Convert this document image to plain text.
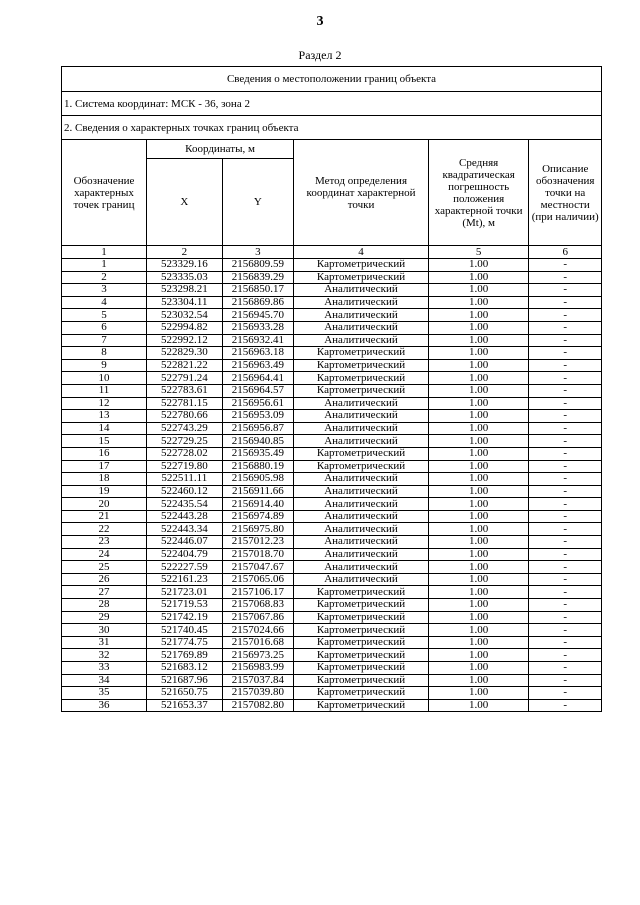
3
Раздел 2
Сведения о местоположении границ объекта					
1. Система координат: МСК - 36, зона 2					
2. Сведения о характерных точках границ объекта					
Обозначение характерных точек границ	Координаты, м		Метод определения координат характерной точки	Средняя квадратическая погрешность положения характерной точки (Mt), м	Описание обозначения точки на местности (при наличии)
	X	Y			
1	2	3	4	5	6
1	523329.16	2156809.59	Картометрический	1.00	-
2	523335.03	2156839.29	Картометрический	1.00	-
3	523298.21	2156850.17	Аналитический	1.00	-
4	523304.11	2156869.86	Аналитический	1.00	-
5	523032.54	2156945.70	Аналитический	1.00	-
6	522994.82	2156933.28	Аналитический	1.00	-
7	522992.12	2156932.41	Аналитический	1.00	-
8	522829.30	2156963.18	Картометрический	1.00	-
9	522821.22	2156963.49	Картометрический	1.00	-
10	522791.24	2156964.41	Картометрический	1.00	-
11	522783.61	2156964.57	Картометрический	1.00	-
12	522781.15	2156956.61	Аналитический	1.00	-
13	522780.66	2156953.09	Аналитический	1.00	-
14	522743.29	2156956.87	Аналитический	1.00	-
15	522729.25	2156940.85	Аналитический	1.00	-
16	522728.02	2156935.49	Картометрический	1.00	-
17	522719.80	2156880.19	Картометрический	1.00	-
18	522511.11	2156905.98	Аналитический	1.00	-
19	522460.12	2156911.66	Аналитический	1.00	-
20	522435.54	2156914.40	Аналитический	1.00	-
21	522443.28	2156974.89	Аналитический	1.00	-
22	522443.34	2156975.80	Аналитический	1.00	-
23	522446.07	2157012.23	Аналитический	1.00	-
24	522404.79	2157018.70	Аналитический	1.00	-
25	522227.59	2157047.67	Аналитический	1.00	-
26	522161.23	2157065.06	Аналитический	1.00	-
27	521723.01	2157106.17	Картометрический	1.00	-
28	521719.53	2157068.83	Картометрический	1.00	-
29	521742.19	2157067.86	Картометрический	1.00	-
30	521740.45	2157024.66	Картометрический	1.00	-
31	521774.75	2157016.68	Картометрический	1.00	-
32	521769.89	2156973.25	Картометрический	1.00	-
33	521683.12	2156983.99	Картометрический	1.00	-
34	521687.96	2157037.84	Картометрический	1.00	-
35	521650.75	2157039.80	Картометрический	1.00	-
36	521653.37	2157082.80	Картометрический	1.00	-
